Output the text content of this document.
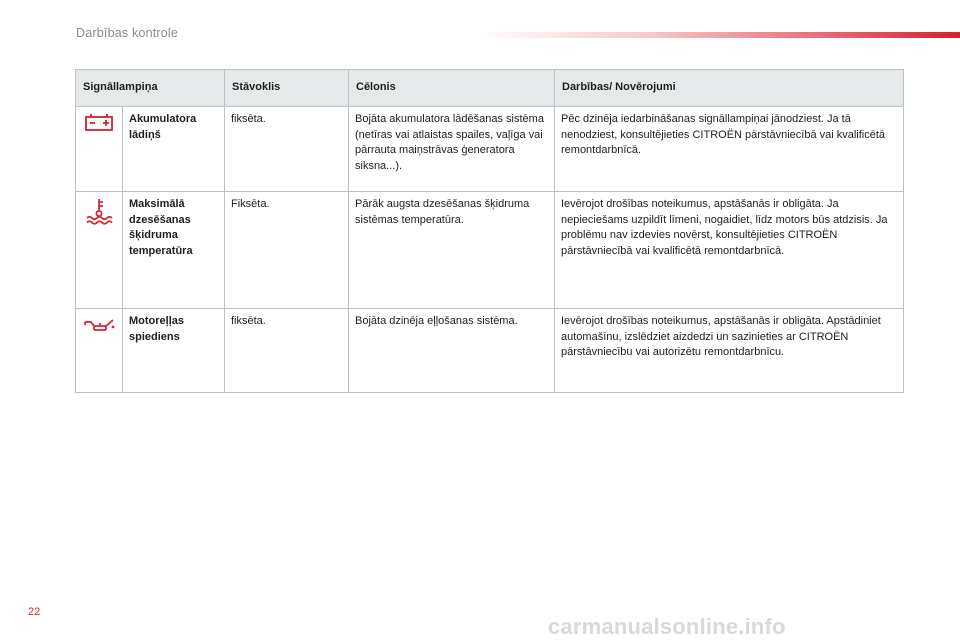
Darbības kontrole
Signāllampiņa		Stāvoklis	Cēlonis	Darbības/ Novērojumi

	Akumulatora lādiņš	fiksēta.	Bojāta akumulatora lādēšanas sistēma (netīras vai atlaistas spailes, vaļīga vai pārrauta maiņstrāvas ģeneratora siksna...).	Pēc dzinēja iedarbināšanas signāllampiņai jānodziest. Ja tā nenodziest, konsultējieties CITROËN pārstāvniecībā vai kvalificētā remontdarbnīcā.

	Maksimālā dzesēšanas šķidruma temperatūra	Fiksēta.	Pārāk augsta dzesēšanas šķidruma sistēmas temperatūra.	Ievērojot drošības noteikumus, apstāšanās ir obligāta. Ja nepieciešams uzpildīt līmeni, nogaidiet, līdz motors būs atdzisis. Ja problēmu nav izdevies novērst, konsultējieties CITROËN pārstāvniecībā vai kvalificētā remontdarbnīcā.

	Motoreļļas spiediens	fiksēta.	Bojāta dzinēja eļļošanas sistēma.	Ievērojot drošības noteikumus, apstāšanās ir obligāta. Apstādiniet automašīnu, izslēdziet aizdedzi un sazinieties ar CITROËN pārstāvniecību vai autorizētu remontdarbnīcu.
22
carmanualsonline.info
